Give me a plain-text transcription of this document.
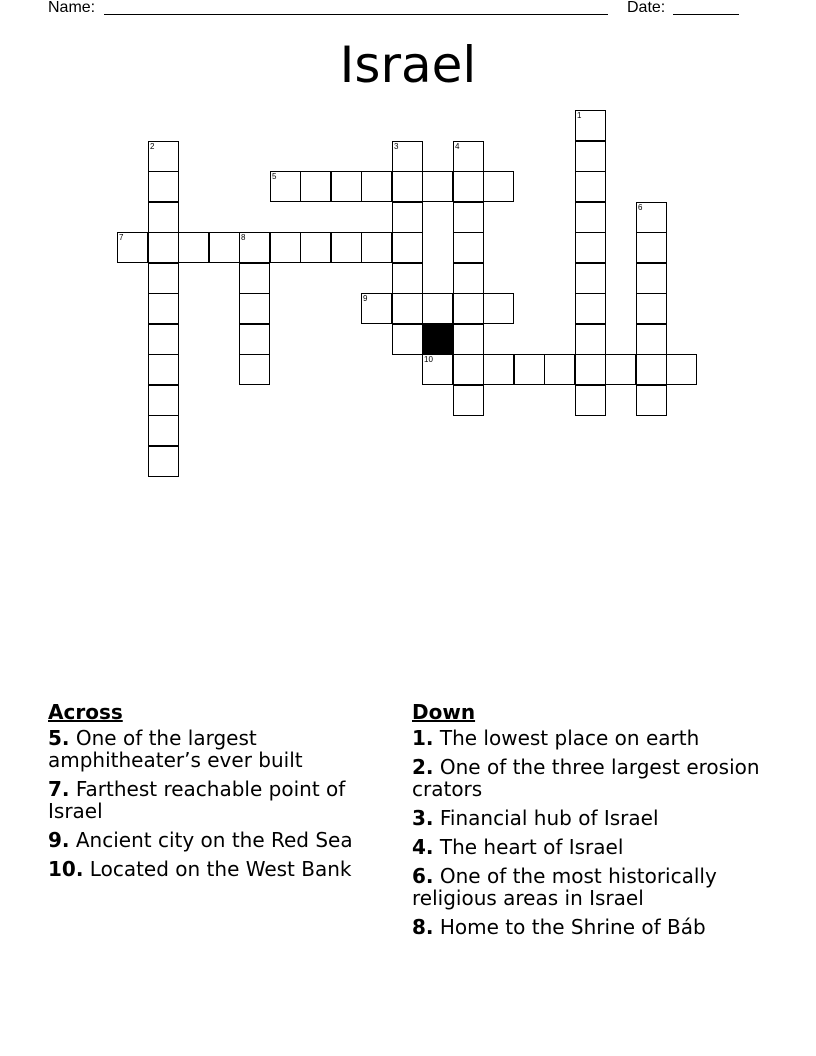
Name:	Date:
Israel
1
2	3	4
5
6
7	8
9
10
Across
5. One of the largest amphitheater’s ever built
7. Farthest reachable point of Israel
9. Ancient city on the Red Sea
10. Located on the West Bank
Down
1. The lowest place on earth
2. One of the three largest erosion crators
3. Financial hub of Israel
4. The heart of Israel
6. One of the most historically religious areas in Israel
8. Home to the Shrine of Báb
